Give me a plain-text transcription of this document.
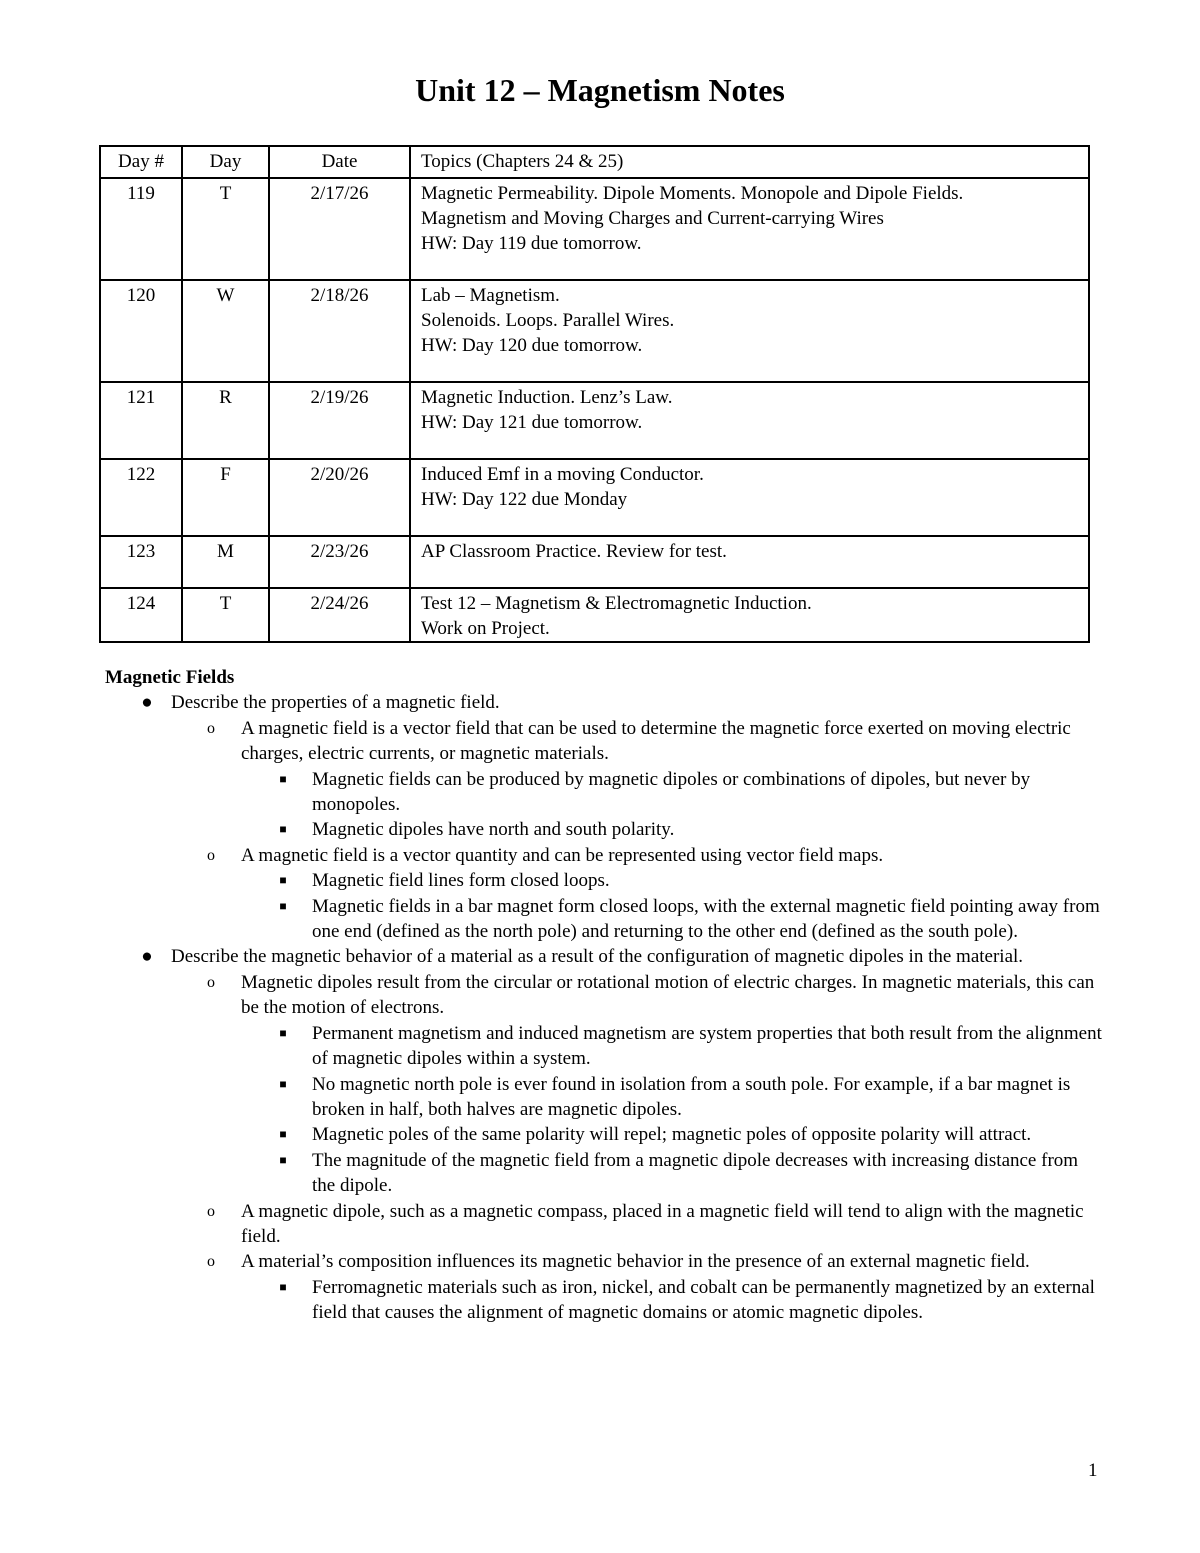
Unit 12 – Magnetism Notes
Day #	Day	Date	Topics (Chapters 24 & 25)
119	T	2/17/26	Magnetic Permeability. Dipole Moments. Monopole and Dipole Fields.
Magnetism and Moving Charges and Current-carrying Wires
HW: Day 119 due tomorrow.

120	W	2/18/26	Lab – Magnetism.
Solenoids. Loops. Parallel Wires.
HW: Day 120 due tomorrow.

121	R	2/19/26	Magnetic Induction. Lenz’s Law.
HW: Day 121 due tomorrow.

122	F	2/20/26	Induced Emf in a moving Conductor.
HW: Day 122 due Monday

123	M	2/23/26	AP Classroom Practice. Review for test.

124	T	2/24/26	Test 12 – Magnetism & Electromagnetic Induction.
Work on Project.
Magnetic Fields
● Describe the properties of a magnetic field.
o	A magnetic field is a vector field that can be used to determine the magnetic force exerted on moving electric charges, electric currents, or magnetic materials.
■	Magnetic fields can be produced by magnetic dipoles or combinations of dipoles, but never by monopoles.
■	Magnetic dipoles have north and south polarity.
o	A magnetic field is a vector quantity and can be represented using vector field maps.
■	Magnetic field lines form closed loops.
■	Magnetic fields in a bar magnet form closed loops, with the external magnetic field pointing away from one end (defined as the north pole) and returning to the other end (defined as the south pole).
● Describe the magnetic behavior of a material as a result of the configuration of magnetic dipoles in the material.
o	Magnetic dipoles result from the circular or rotational motion of electric charges. In magnetic materials, this can be the motion of electrons.
■	Permanent magnetism and induced magnetism are system properties that both result from the alignment of magnetic dipoles within a system.
■	No magnetic north pole is ever found in isolation from a south pole. For example, if a bar magnet is broken in half, both halves are magnetic dipoles.
■	Magnetic poles of the same polarity will repel; magnetic poles of opposite polarity will attract.
■	The magnitude of the magnetic field from a magnetic dipole decreases with increasing distance from the dipole.
o	A magnetic dipole, such as a magnetic compass, placed in a magnetic field will tend to align with the magnetic field.
o	A material’s composition influences its magnetic behavior in the presence of an external magnetic field.
■	Ferromagnetic materials such as iron, nickel, and cobalt can be permanently magnetized by an external field that causes the alignment of magnetic domains or atomic magnetic dipoles.
1
